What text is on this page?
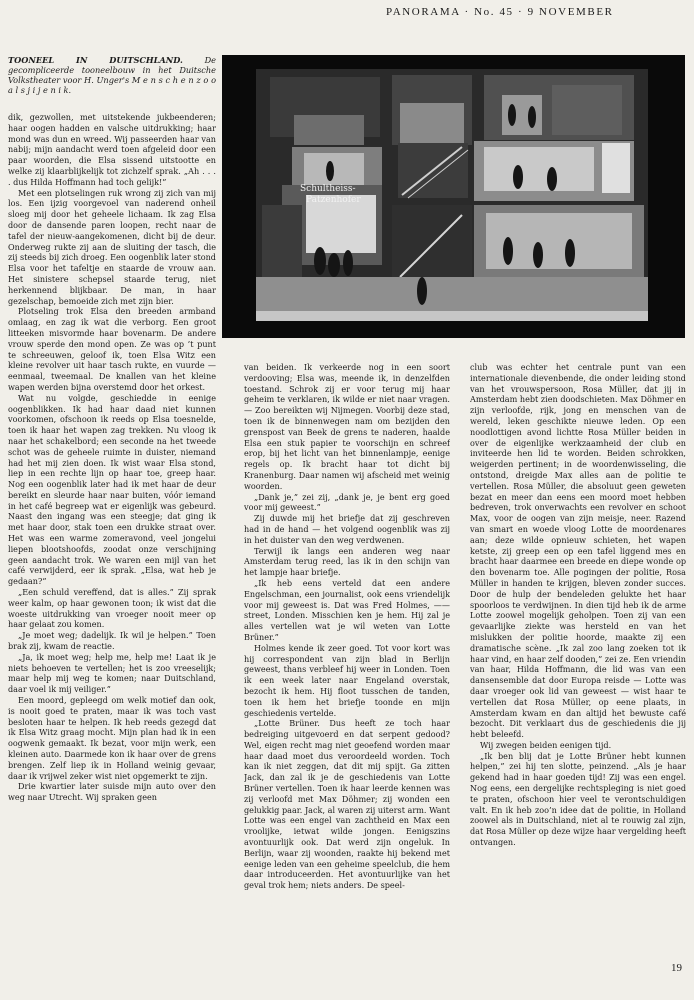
PANORAMA · No. 45 · 9 NOVEMBER
TOONEEL IN DUITSCHLAND.	De gecompliceerde tooneelbouw in het Duitsche Volkstheater voor H. Unger's M e n s c h e n z o o a l s j i j e n i k.
Schultheiss-
Patzenhofer

dik, gezwollen, met uitstekende jukbeenderen; haar oogen hadden en valsche uitdrukking; haar mond was dun en wreed. Wij passeerden haar van nabij; mijn aandacht werd toen afgeleid door een paar woorden, die Elsa sissend uitstootte en welke zij klaarblijkelijk tot zichzelf sprak. „Ah . . . . dus Hilda Hoffmann had toch gelijk!”

Met een plotselingen ruk wrong zij zich van mij los. Een ijzig voorgevoel van naderend onheil sloeg mij door het geheele lichaam. Ik zag Elsa door de dansende paren loopen, recht naar de tafel der nieuw-aangekomenen, dicht bij de deur. Onderweg rukte zij aan de sluiting der tasch, die zij steeds bij zich droeg. Een oogenblik later stond Elsa voor het tafeltje en staarde de vrouw aan. Het sinistere schepsel staarde terug, niet herkennend blijkbaar. De man, in haar gezelschap, bemoeide zich met zijn bier.

Plotseling trok Elsa den breeden armband omlaag, en zag ik wat die verborg. Een groot litteeken misvormde haar bovenarm. De andere vrouw sperde den mond open. Ze was op ’t punt te schreeuwen, geloof ik, toen Elsa Witz een kleine revolver uit haar tasch rukte, en vuurde — eenmaal, tweemaal. De knallen van het kleine wapen werden bijna overstemd door het orkest.

Wat nu volgde, geschiedde in eenige oogenblikken. Ik had haar daad niet kunnen voorkomen, ofschoon ik reeds op Elsa toesnelde, toen ik haar het wapen zag trekken. Nu vloog ik naar het schakelbord; een seconde na het tweede schot was de geheele ruimte in duister, niemand had het mij zien doen. Ik wist waar Elsa stond, liep in een rechte lijn op haar toe, greep haar. Nog een oogenblik later had ik met haar de deur bereikt en sleurde haar naar buiten, vóór iemand in het café begreep wat er eigenlijk was gebeurd. Naast den ingang was een steegje; dat ging ik met haar door, stak toen een drukke straat over. Het was een warme zomeravond, veel jongelui liepen blootshoofds, zoodat onze verschijning geen aandacht trok. We waren een mijl van het café verwijderd, eer ik sprak. „Elsa, wat heb je gedaan?”

„Een schuld vereffend, dat is alles.” Zij sprak weer kalm, op haar gewonen toon; ik wist dat die woeste uitdrukking van vroeger nooit meer op haar gelaat zou komen.

„Je moet weg; dadelijk. Ik wil je helpen.” Toen brak zij, kwam de reactie.

„Ja, ik moet weg; help me, help me! Laat ik je niets behoeven te vertellen; het is zoo vreeselijk; maar help mij weg te komen; naar Duitschland, daar voel ik mij veiliger.”

Een moord, gepleegd om welk motief dan ook, is nooit goed te praten, maar ik was toch vast besloten haar te helpen. Ik heb reeds gezegd dat ik Elsa Witz graag mocht. Mijn plan had ik in een oogwenk gemaakt. Ik bezat, voor mijn werk, een kleinen auto. Daarmede kon ik haar over de grens brengen. Zelf liep ik in Holland weinig gevaar, daar ik vrijwel zeker wist niet opgemerkt te zijn.

Drie kwartier later suisde mijn auto over den weg naar Utrecht. Wij spraken geen

van beiden. Ik verkeerde nog in een soort verdooving; Elsa was, meende ik, in denzelfden toestand. Schrok zij er voor terug mij haar geheim te verklaren, ik wilde er niet naar vragen. — Zoo bereikten wij Nijmegen. Voorbij deze stad, toen ik de binnenwegen nam om bezijden den grenspost van Beek de grens te naderen, haalde Elsa een stuk papier te voorschijn en schreef erop, bij het licht van het binnenlampje, eenige regels op. Ik bracht haar tot dicht bij Kranenburg. Daar namen wij afscheid met weinig woorden.

„Dank je,” zei zij, „dank je, je bent erg goed voor mij geweest.”

Zij duwde mij het briefje dat zij geschreven had in de hand — het volgend oogenblik was zij in het duister van den weg verdwenen.

Terwijl ik langs een anderen weg naar Amsterdam terug reed, las ik in den schijn van het lampje haar briefje.

„Ik heb eens verteld dat een andere Engelschman, een journalist, ook eens vriendelijk voor mij geweest is. Dat was Fred Holmes, ——street, Londen. Misschien ken je hem. Hij zal je alles vertellen wat je wil weten van Lotte Brüner.”

Holmes kende ik zeer goed. Tot voor kort was hij correspondent van zijn blad in Berlijn geweest, thans verbleef hij weer in Londen. Toen ik een week later naar Engeland overstak, bezocht ik hem. Hij floot tusschen de tanden, toen ik hem het briefje toonde en mijn geschiedenis vertelde.

„Lotte Brüner. Dus heeft ze toch haar bedreiging uitgevoerd en dat serpent gedood? Wel, eigen recht mag niet geoefend worden maar haar daad moet dus veroordeeld worden. Toch kan ik niet zeggen, dat dit mij spijt. Ga zitten Jack, dan zal ik je de geschiedenis van Lotte Brüner vertellen. Toen ik haar leerde kennen was zij verloofd met Max Döhmer; zij wonden een gelukkig paar. Jack, al waren zij uiterst arm. Want Lotte was een engel van zachtheid en Max een vroolijke, ietwat wilde jongen. Eenigszins avontuurlijk ook. Dat werd zijn ongeluk. In Berlijn, waar zij woonden, raakte hij bekend met eenige leden van een geheime speelclub, die hem daar introduceerden. Het avontuurlijke van het geval trok hem; niets anders. De speel-

club was echter het centrale punt van een internationale dievenbende, die onder leiding stond van het vrouwspersoon, Rosa Müller, dat jij in Amsterdam hebt zien doodschieten. Max Döhmer en zijn verloofde, rijk, jong en menschen van de wereld, leken geschikte nieuwe leden. Op een noodlottigen avond lichtte Rosa Müller beiden in over de eigenlijke werkzaamheid der club en inviteerde hen lid te worden. Beiden schrokken, weigerden pertinent; in de woordenwisseling, die ontstond, dreigde Max alles aan de politie te vertellen. Rosa Müller, die absoluut geen geweten bezat en meer dan eens een moord moet hebben bedreven, trok onverwachts een revolver en schoot Max, voor de oogen van zijn meisje, neer. Razend van smart en woede vloog Lotte de moordenares aan; deze wilde opnieuw schieten, het wapen ketste, zij greep een op een tafel liggend mes en bracht haar daarmee een breede en diepe wonde op den bovenarm toe. Alle pogingen der politie, Rosa Müller in handen te krijgen, bleven zonder succes. Door de hulp der bendeleden gelukte het haar spoorloos te verdwijnen. In dien tijd heb ik de arme Lotte zoowel mogelijk geholpen. Toen zij van een gevaarlijke ziekte was hersteld en van het mislukken der politie hoorde, maakte zij een dramatische scène. „Ik zal zoo lang zoeken tot ik haar vind, en haar zelf dooden,” zei ze. Een vriendin van haar, Hilda Hoffmann, die lid was van een dansensemble dat door Europa reisde — Lotte was daar vroeger ook lid van geweest — wist haar te vertellen dat Rosa Müller, op eene plaats, in Amsterdam kwam en dan altijd het bewuste café bezocht. Dit verklaart dus de geschiedenis die jij hebt beleefd.

Wij zwegen beiden eenigen tijd.

„Ik ben blij dat je Lotte Brüner hebt kunnen helpen,” zei hij ten slotte, peinzend. „Als je haar gekend had in haar goeden tijd! Zij was een engel. Nog eens, een dergelijke rechtspleging is niet goed te praten, ofschoon hier veel te verontschuldigen valt. En ik heb zoo’n idee dat de politie, in Holland zoowel als in Duitschland, niet al te rouwig zal zijn, dat Rosa Müller op deze wijze haar vergelding heeft ontvangen.

19
